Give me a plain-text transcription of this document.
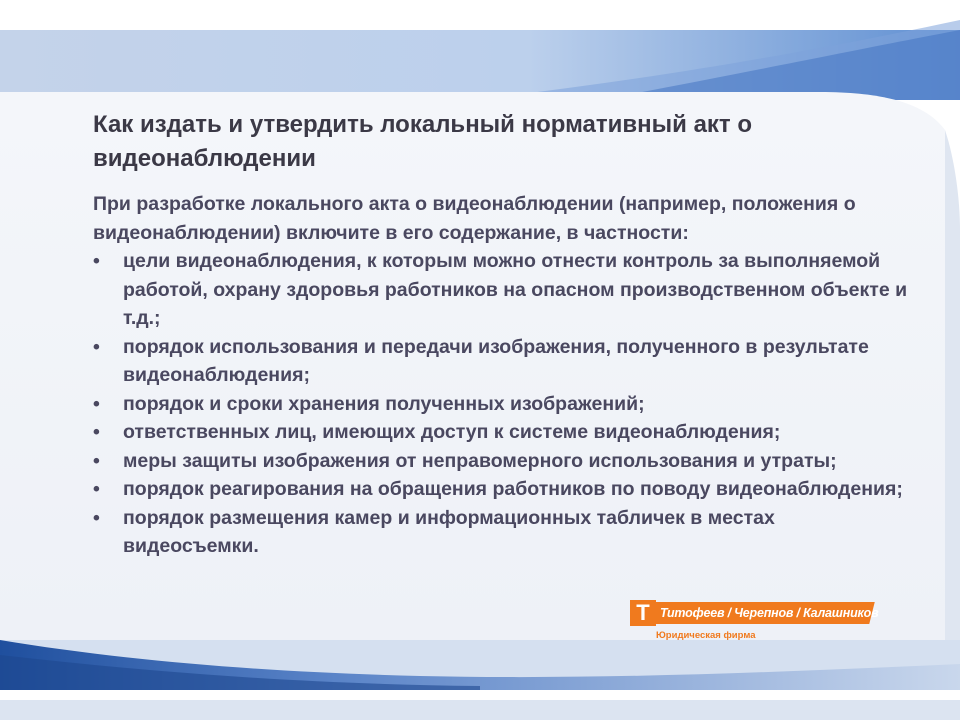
Как издать и утвердить локальный нормативный акт о видеонаблюдении

При разработке локального акта о видеонаблюдении (например, положения о видеонаблюдении) включите в его содержание, в частности:

•	цели видеонаблюдения, к которым можно отнести контроль за выполняемой работой, охрану здоровья работников на опасном производственном объекте и т.д.;
•	порядок использования и передачи изображения, полученного в результате видеонаблюдения;
•	порядок и сроки хранения полученных изображений;
•	ответственных лиц, имеющих доступ к системе видеонаблюдения;
•	меры защиты изображения от неправомерного использования и утраты;
•	порядок реагирования на обращения работников по поводу видеонаблюдения;
•	порядок размещения камер и информационных табличек в местах видеосъемки.
T Титофеев / Черепнов / Калашников
Юридическая фирма
